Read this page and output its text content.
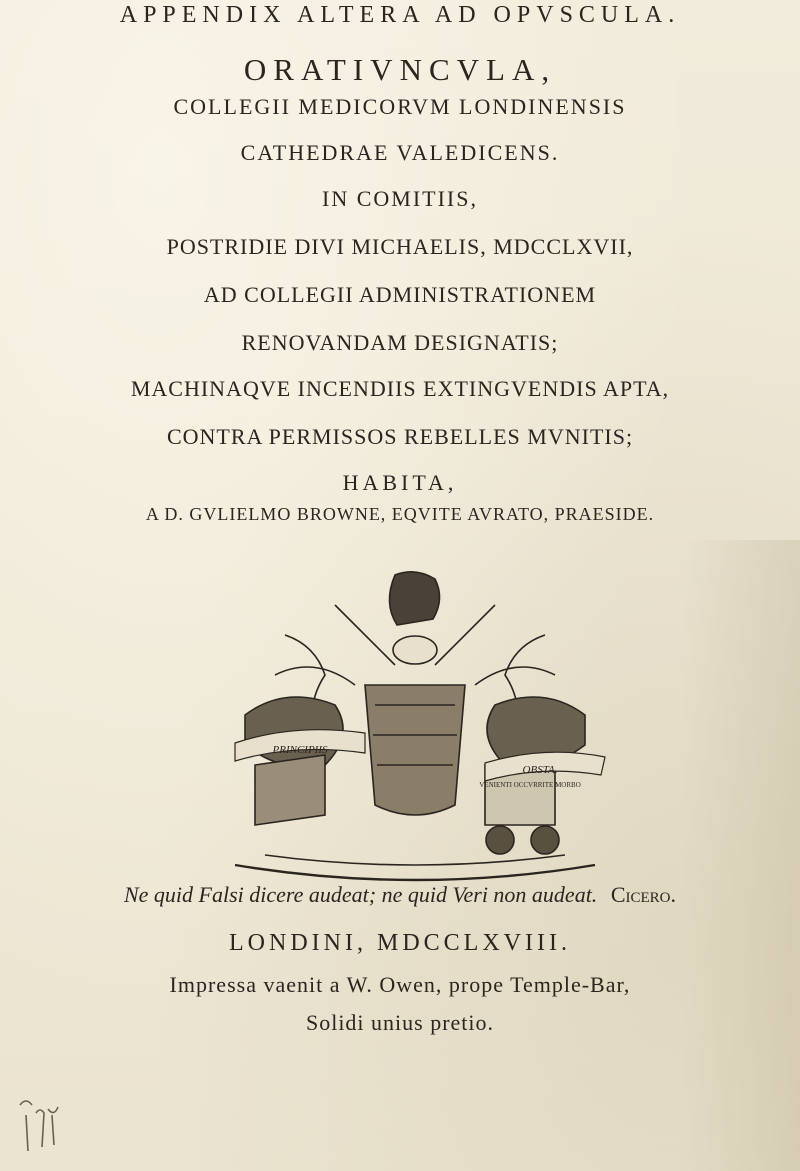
APPENDIX ALTERA AD OPVSCULA.
ORATIVNCVLA,
COLLEGII MEDICORVM LONDINENSIS
CATHEDRAE VALEDICENS.
IN COMITIIS,
POSTRIDIE DIVI MICHAELIS, MDCCLXVII,
AD COLLEGII ADMINISTRATIONEM
RENOVANDAM DESIGNATIS;
MACHINAQVE INCENDIIS EXTINGVENDIS APTA,
CONTRA PERMISSOS REBELLES MVNITIS;
HABITA,
A D. GVLIELMO BROWNE, EQVITE AVRATO, PRAESIDE.
PRINCIPIIS
OBSTA.
VENIENTI OCCVRRITE MORBO
Ne quid Falsi dicere audeat; ne quid Veri non audeat. Cicero.
LONDINI, MDCCLXVIII.
Impressa vaenit a W. Owen, prope Temple-Bar,
Solidi unius pretio.
